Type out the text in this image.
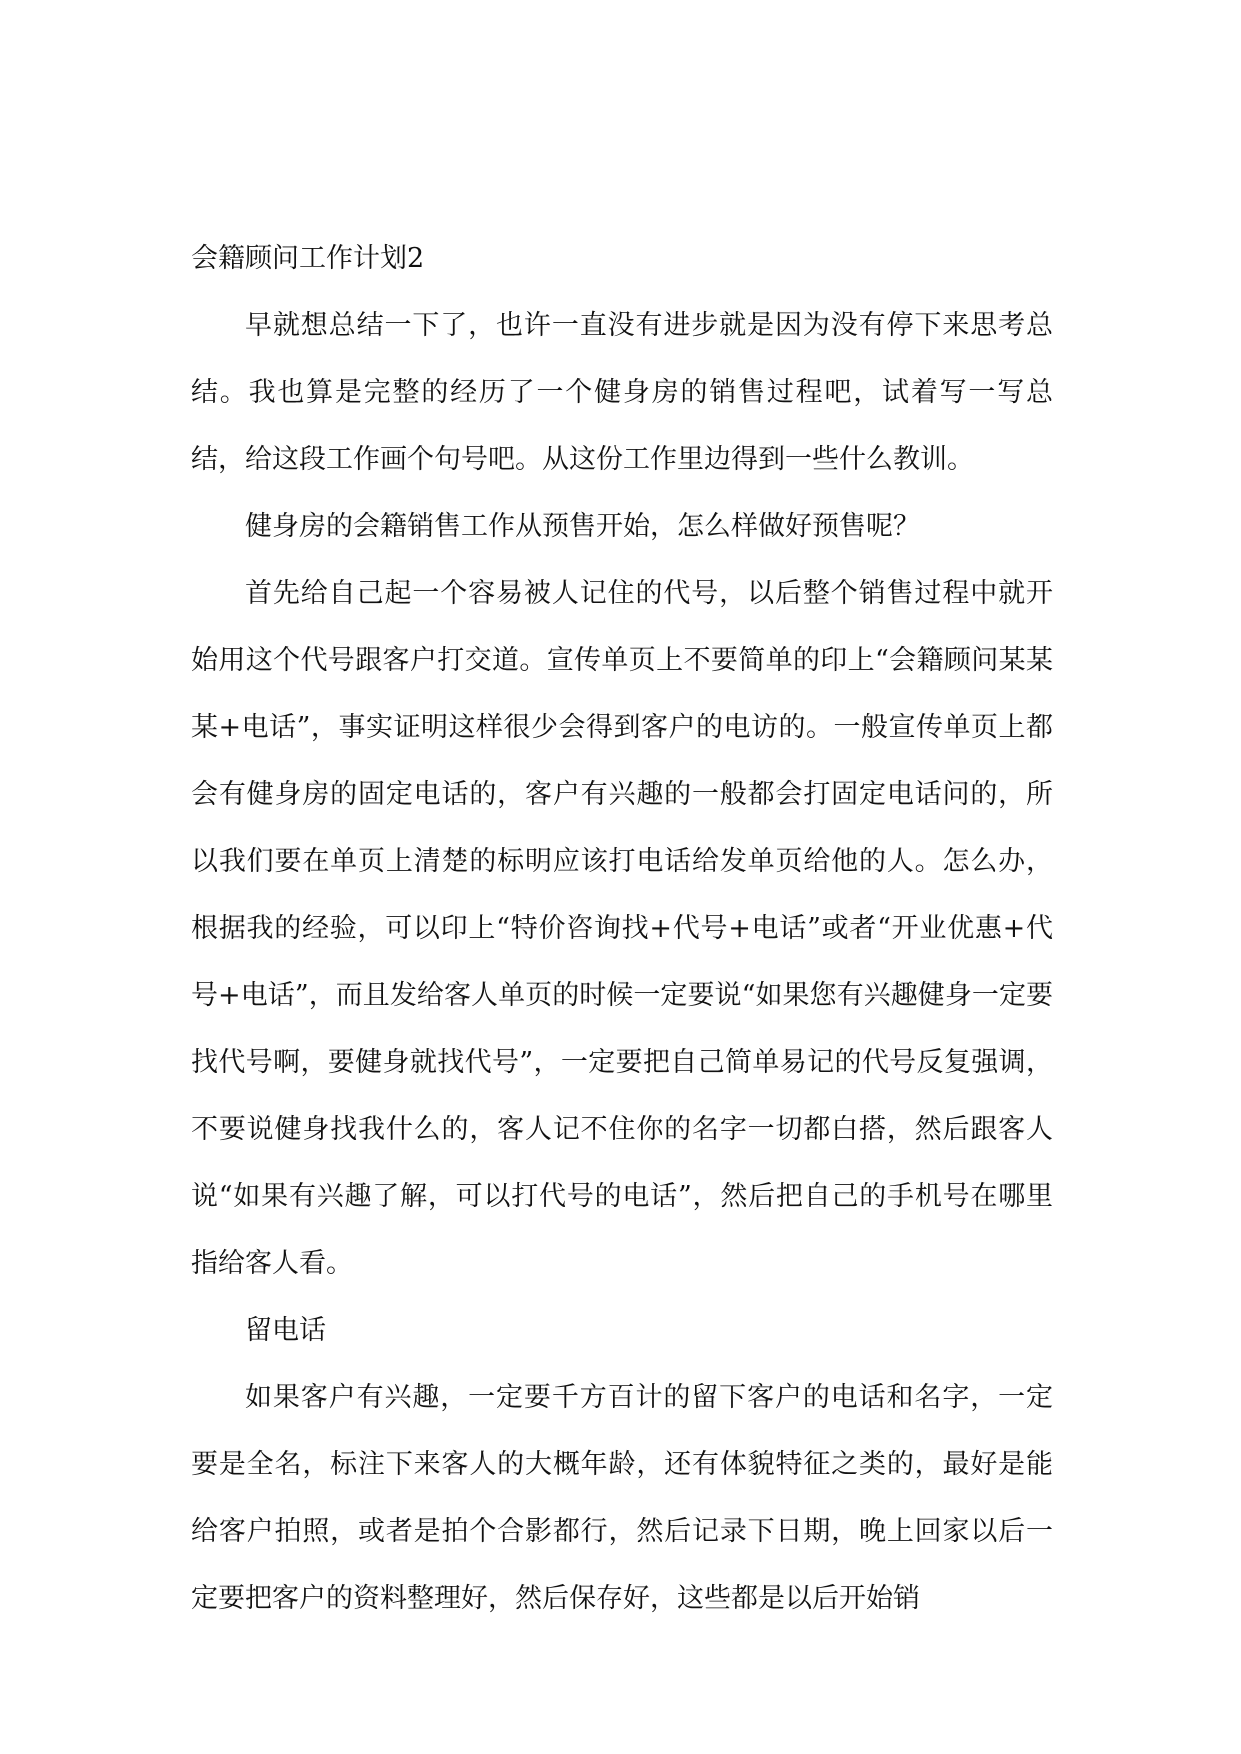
会籍顾问工作计划2

早就想总结一下了，也许一直没有进步就是因为没有停下来思考总结。我也算是完整的经历了一个健身房的销售过程吧，试着写一写总结，给这段工作画个句号吧。从这份工作里边得到一些什么教训。

健身房的会籍销售工作从预售开始，怎么样做好预售呢？

首先给自己起一个容易被人记住的代号，以后整个销售过程中就开始用这个代号跟客户打交道。宣传单页上不要简单的印上“会籍顾问某某某+电话”，事实证明这样很少会得到客户的电访的。一般宣传单页上都会有健身房的固定电话的，客户有兴趣的一般都会打固定电话问的，所以我们要在单页上清楚的标明应该打电话给发单页给他的人。怎么办，根据我的经验，可以印上“特价咨询找+代号+电话”或者“开业优惠+代号+电话”，而且发给客人单页的时候一定要说“如果您有兴趣健身一定要找代号啊，要健身就找代号”，一定要把自己简单易记的代号反复强调，不要说健身找我什么的，客人记不住你的名字一切都白搭，然后跟客人说“如果有兴趣了解，可以打代号的电话”，然后把自己的手机号在哪里指给客人看。

留电话

如果客户有兴趣，一定要千方百计的留下客户的电话和名字，一定要是全名，标注下来客人的大概年龄，还有体貌特征之类的，最好是能给客户拍照，或者是拍个合影都行，然后记录下日期，晚上回家以后一定要把客户的资料整理好，然后保存好，这些都是以后开始销
